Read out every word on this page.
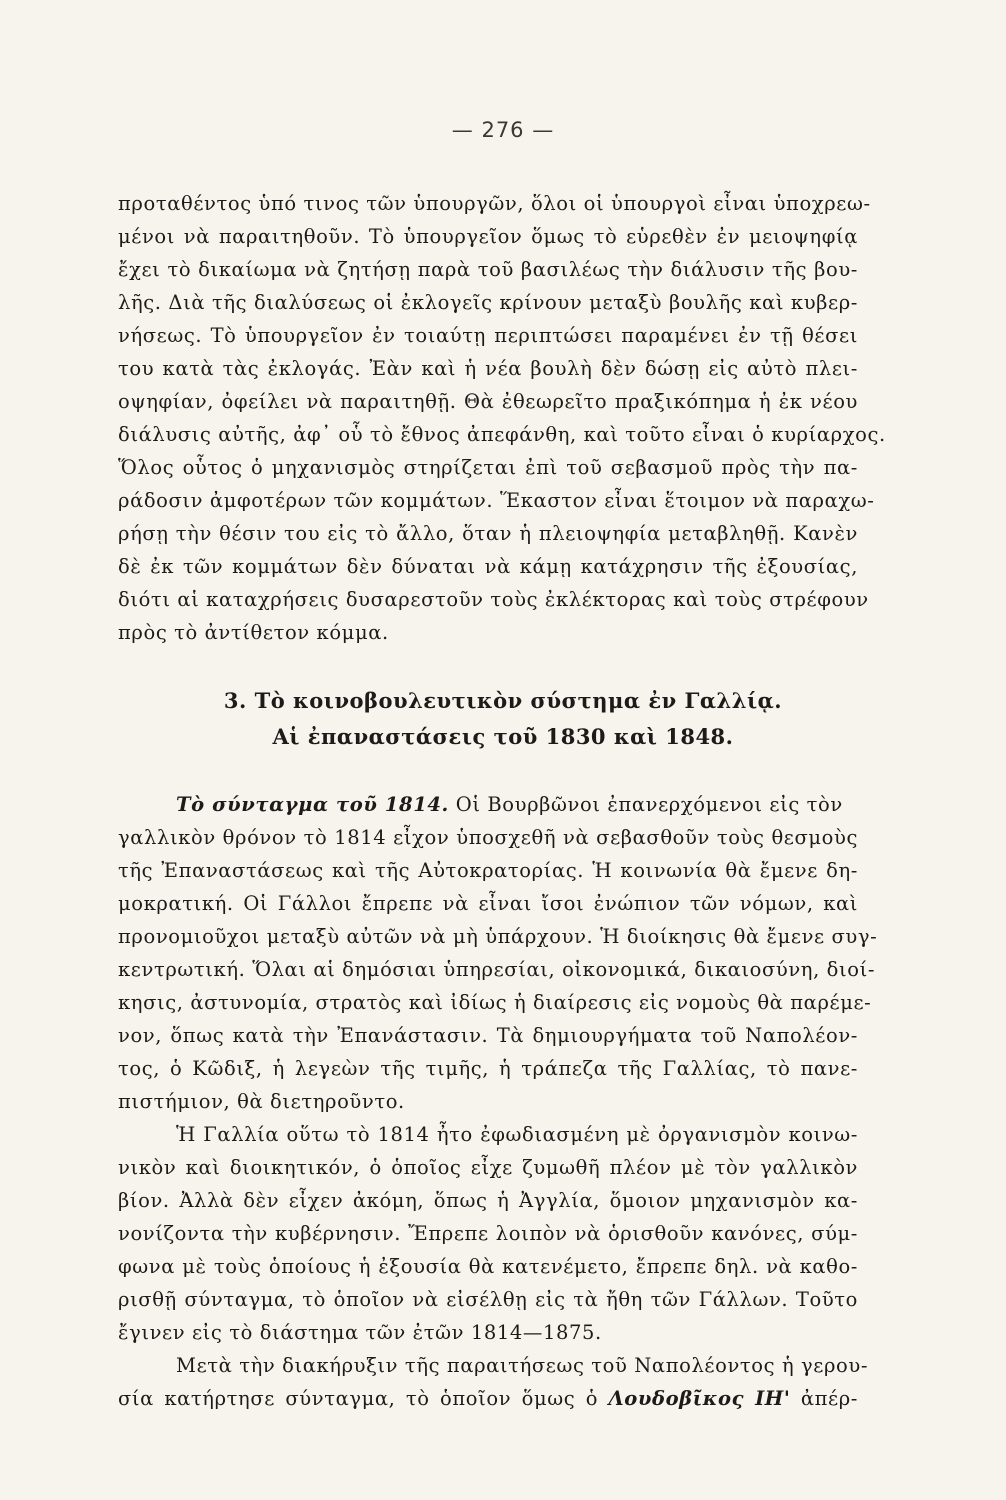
— 276 —
προταθέντος ὑπό τινος τῶν ὑπουργῶν, ὅλοι οἱ ὑπουργοὶ εἶναι ὑποχρεω-
μένοι νὰ παραιτηθοῦν. Τὸ ὑπουργεῖον ὅμως τὸ εὑρεθὲν ἐν μειοψηφίᾳ
ἔχει τὸ δικαίωμα νὰ ζητήσῃ παρὰ τοῦ βασιλέως τὴν διάλυσιν τῆς βου-
λῆς. Διὰ τῆς διαλύσεως οἱ ἐκλογεῖς κρίνουν μεταξὺ βουλῆς καὶ κυβερ-
νήσεως. Τὸ ὑπουργεῖον ἐν τοιαύτῃ περιπτώσει παραμένει ἐν τῇ θέσει
του κατὰ τὰς ἐκλογάς. Ἐὰν καὶ ἡ νέα βουλὴ δὲν δώσῃ εἰς αὐτὸ πλει-
οψηφίαν, ὀφείλει νὰ παραιτηθῇ. Θὰ ἐθεωρεῖτο πραξικόπημα ἡ ἐκ νέου
διάλυσις αὐτῆς, ἀφ᾽ οὗ τὸ ἔθνος ἀπεφάνθη, καὶ τοῦτο εἶναι ὁ κυρίαρχος.
Ὅλος οὗτος ὁ μηχανισμὸς στηρίζεται ἐπὶ τοῦ σεβασμοῦ πρὸς τὴν πα-
ράδοσιν ἀμφοτέρων τῶν κομμάτων. Ἕκαστον εἶναι ἕτοιμον νὰ παραχω-
ρήσῃ τὴν θέσιν του εἰς τὸ ἄλλο, ὅταν ἡ πλειοψηφία μεταβληθῇ. Κανὲν
δὲ ἐκ τῶν κομμάτων δὲν δύναται νὰ κάμῃ κατάχρησιν τῆς ἐξουσίας,
διότι αἱ καταχρήσεις δυσαρεστοῦν τοὺς ἐκλέκτορας καὶ τοὺς στρέφουν
πρὸς τὸ ἀντίθετον κόμμα.
3. Τὸ κοινοβουλευτικὸν σύστημα ἐν Γαλλίᾳ.
Αἱ ἐπαναστάσεις τοῦ 1830 καὶ 1848.
Τὸ σύνταγμα τοῦ 1814. Οἱ Βουρβῶνοι ἐπανερχόμενοι εἰς τὸν
γαλλικὸν θρόνον τὸ 1814 εἶχον ὑποσχεθῆ νὰ σεβασθοῦν τοὺς θεσμοὺς
τῆς Ἐπαναστάσεως καὶ τῆς Αὐτοκρατορίας. Ἡ κοινωνία θὰ ἔμενε δη-
μοκρατική. Οἱ Γάλλοι ἔπρεπε νὰ εἶναι ἴσοι ἐνώπιον τῶν νόμων, καὶ
προνομιοῦχοι μεταξὺ αὐτῶν νὰ μὴ ὑπάρχουν. Ἡ διοίκησις θὰ ἔμενε συγ-
κεντρωτική. Ὅλαι αἱ δημόσιαι ὑπηρεσίαι, οἰκονομικά, δικαιοσύνη, διοί-
κησις, ἀστυνομία, στρατὸς καὶ ἰδίως ἡ διαίρεσις εἰς νομοὺς θὰ παρέμε-
νον, ὅπως κατὰ τὴν Ἐπανάστασιν. Τὰ δημιουργήματα τοῦ Ναπολέον-
τος, ὁ Κῶδιξ, ἡ λεγεὼν τῆς τιμῆς, ἡ τράπεζα τῆς Γαλλίας, τὸ πανε-
πιστήμιον, θὰ διετηροῦντο.
Ἡ Γαλλία οὕτω τὸ 1814 ἦτο ἐφωδιασμένη μὲ ὀργανισμὸν κοινω-
νικὸν καὶ διοικητικόν, ὁ ὁποῖος εἶχε ζυμωθῆ πλέον μὲ τὸν γαλλικὸν
βίον. Ἀλλὰ δὲν εἶχεν ἀκόμη, ὅπως ἡ Ἀγγλία, ὅμοιον μηχανισμὸν κα-
νονίζοντα τὴν κυβέρνησιν. Ἔπρεπε λοιπὸν νὰ ὁρισθοῦν κανόνες, σύμ-
φωνα μὲ τοὺς ὁποίους ἡ ἐξουσία θὰ κατενέμετο, ἔπρεπε δηλ. νὰ καθο-
ρισθῇ σύνταγμα, τὸ ὁποῖον νὰ εἰσέλθῃ εἰς τὰ ἤθη τῶν Γάλλων. Τοῦτο
ἔγινεν εἰς τὸ διάστημα τῶν ἐτῶν 1814—1875.
Μετὰ τὴν διακήρυξιν τῆς παραιτήσεως τοῦ Ναπολέοντος ἡ γερου-
σία κατήρτησε σύνταγμα, τὸ ὁποῖον ὅμως ὁ Λουδοβῖκος ΙΗ' ἀπέρ-
